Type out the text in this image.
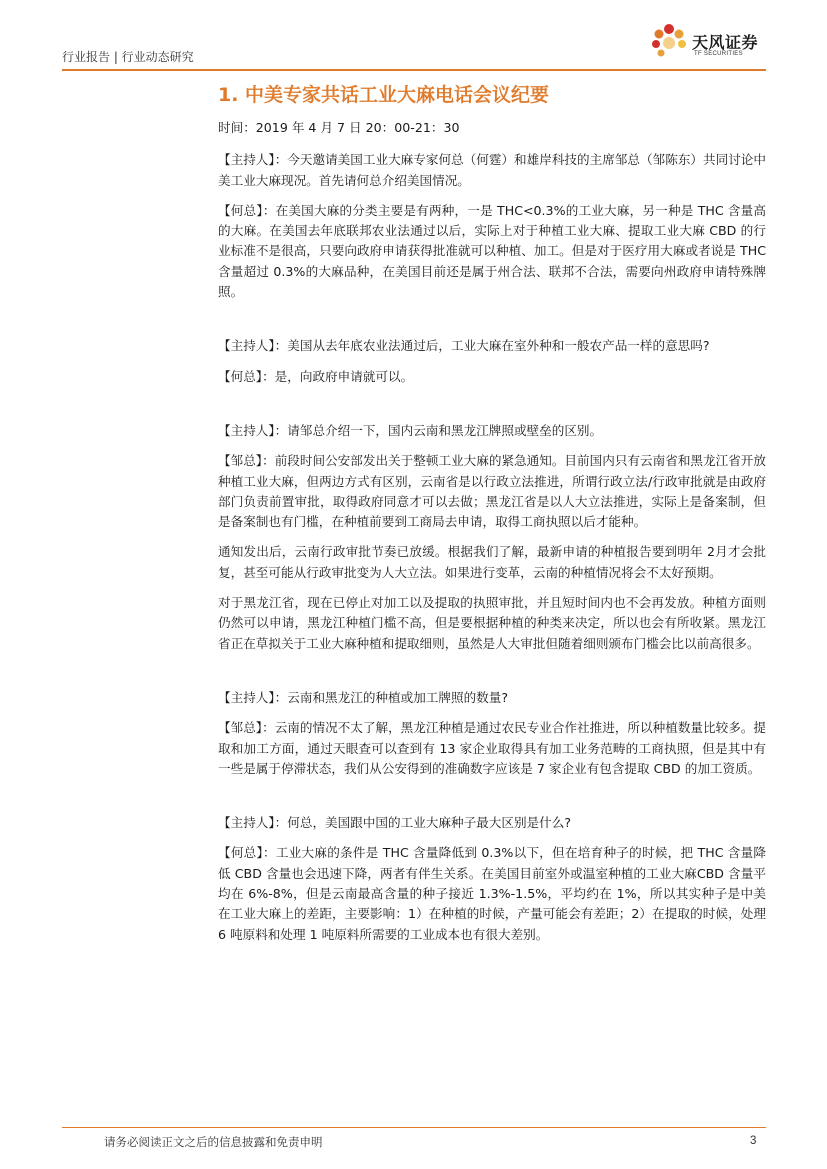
行业报告 | 行业动态研究
天风证券
TF SECURITIES
1. 中美专家共话工业大麻电话会议纪要

时间：2019 年 4 月 7 日 20：00-21：30

【主持人】：今天邀请美国工业大麻专家何总（何霆）和雄岸科技的主席邹总（邹陈东）共同讨论中美工业大麻现况。首先请何总介绍美国情况。

【何总】：在美国大麻的分类主要是有两种，一是 THC<0.3%的工业大麻，另一种是 THC 含量高的大麻。在美国去年底联邦农业法通过以后，实际上对于种植工业大麻、提取工业大麻 CBD 的行业标准不是很高，只要向政府申请获得批准就可以种植、加工。但是对于医疗用大麻或者说是 THC 含量超过 0.3%的大麻品种，在美国目前还是属于州合法、联邦不合法，需要向州政府申请特殊牌照。

【主持人】：美国从去年底农业法通过后，工业大麻在室外种和一般农产品一样的意思吗?

【何总】：是，向政府申请就可以。

【主持人】：请邹总介绍一下，国内云南和黑龙江牌照或壁垒的区别。

【邹总】：前段时间公安部发出关于整顿工业大麻的紧急通知。目前国内只有云南省和黑龙江省开放种植工业大麻，但两边方式有区别，云南省是以行政立法推进，所谓行政立法/行政审批就是由政府部门负责前置审批，取得政府同意才可以去做；黑龙江省是以人大立法推进，实际上是备案制，但是备案制也有门槛，在种植前要到工商局去申请，取得工商执照以后才能种。

通知发出后，云南行政审批节奏已放缓。根据我们了解，最新申请的种植报告要到明年 2月才会批复，甚至可能从行政审批变为人大立法。如果进行变革，云南的种植情况将会不太好预期。

对于黑龙江省，现在已停止对加工以及提取的执照审批，并且短时间内也不会再发放。种植方面则仍然可以申请，黑龙江种植门槛不高，但是要根据种植的种类来决定，所以也会有所收紧。黑龙江省正在草拟关于工业大麻种植和提取细则，虽然是人大审批但随着细则颁布门槛会比以前高很多。

【主持人】：云南和黑龙江的种植或加工牌照的数量?

【邹总】：云南的情况不太了解，黑龙江种植是通过农民专业合作社推进，所以种植数量比较多。提取和加工方面，通过天眼查可以查到有 13 家企业取得具有加工业务范畴的工商执照，但是其中有一些是属于停滞状态，我们从公安得到的准确数字应该是 7 家企业有包含提取 CBD 的加工资质。

【主持人】：何总，美国跟中国的工业大麻种子最大区别是什么?

【何总】：工业大麻的条件是 THC 含量降低到 0.3%以下，但在培育种子的时候，把 THC 含量降低 CBD 含量也会迅速下降，两者有伴生关系。在美国目前室外或温室种植的工业大麻CBD 含量平均在 6%-8%，但是云南最高含量的种子接近 1.3%-1.5%，平均约在 1%，所以其实种子是中美在工业大麻上的差距，主要影响：1）在种植的时候，产量可能会有差距；2）在提取的时候，处理 6 吨原料和处理 1 吨原料所需要的工业成本也有很大差别。

请务必阅读正文之后的信息披露和免责申明	3
